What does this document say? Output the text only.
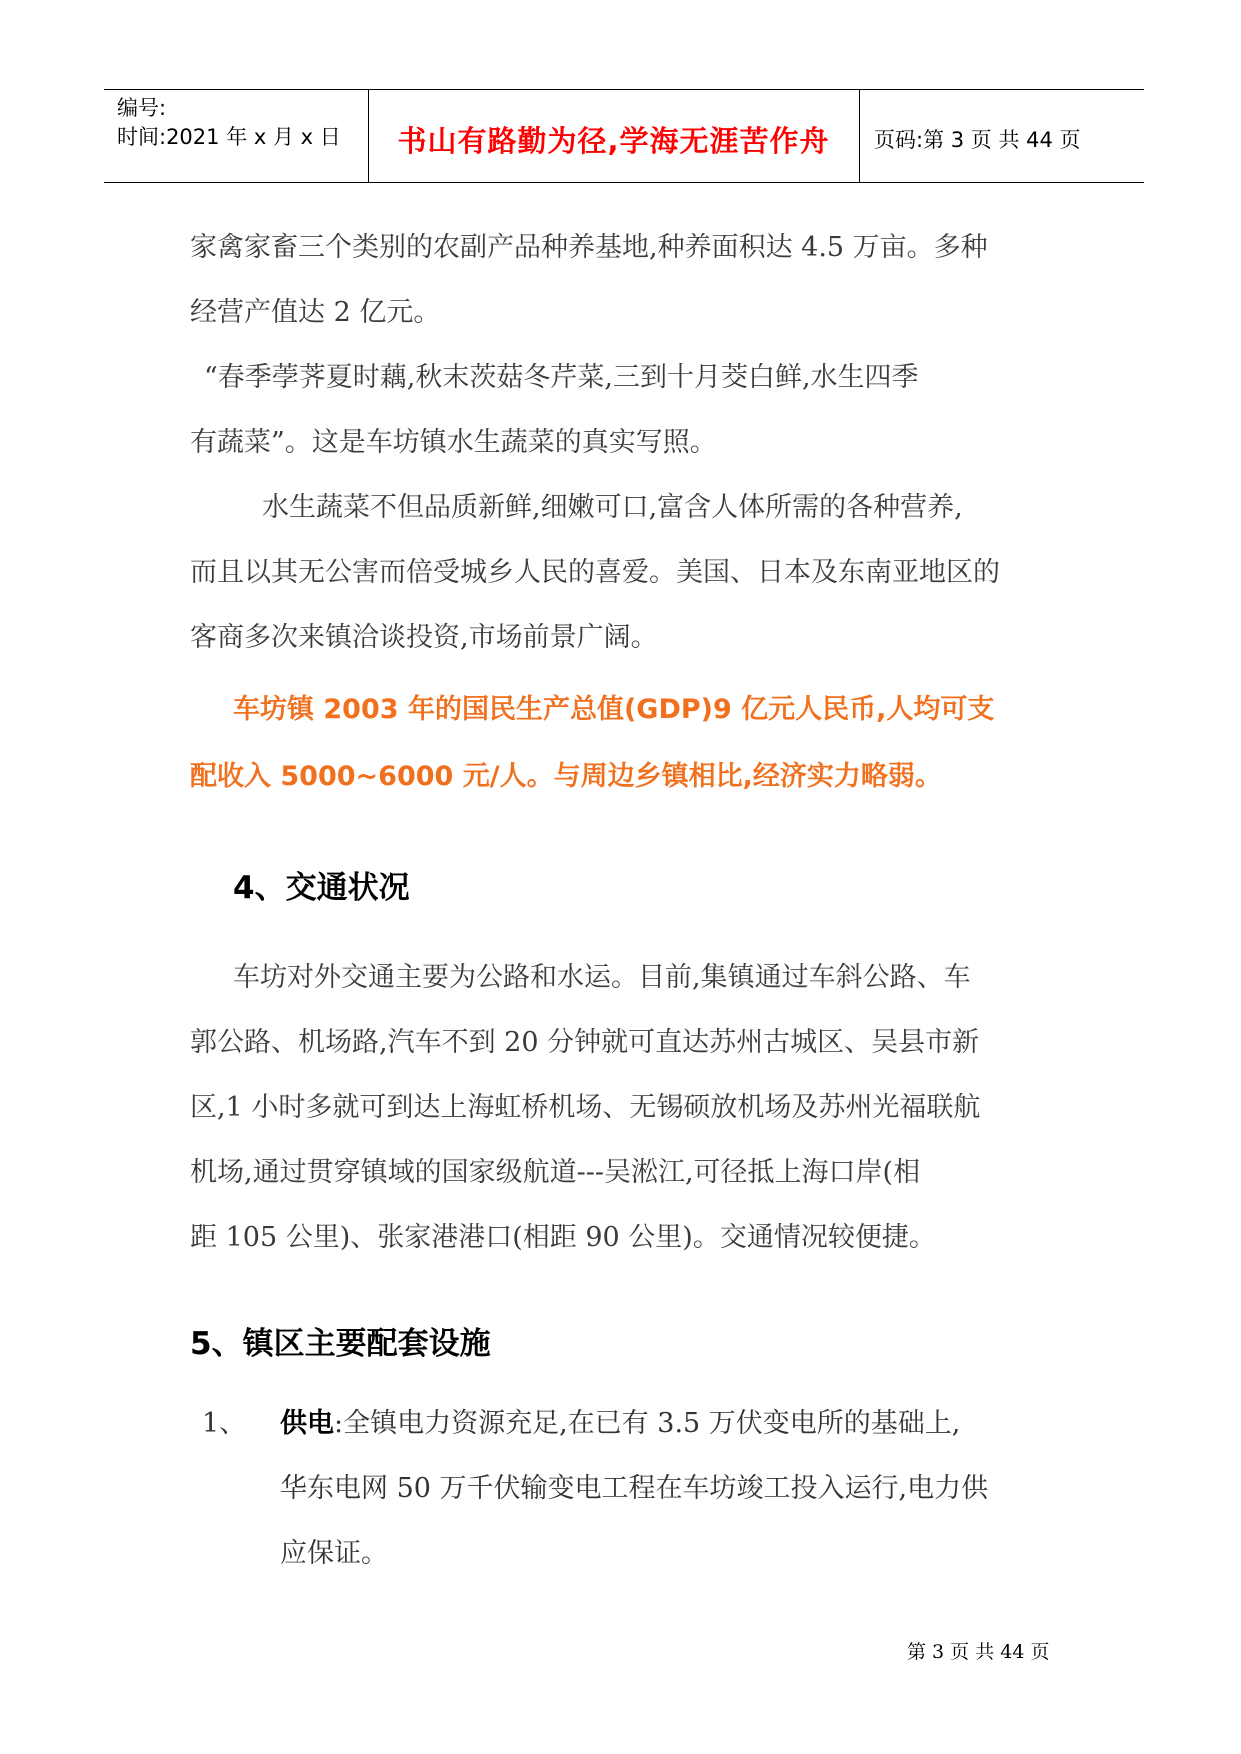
编号:
时间:2021 年 x 月 x 日	书山有路勤为径,学海无涯苦作舟	页码:第 3 页 共 44 页

家禽家畜三个类别的农副产品种养基地,种养面积达 4.5 万亩。多种

经营产值达 2 亿元。

“春季荸荠夏时藕,秋末茨菇冬芹菜,三到十月茭白鲜,水生四季

有蔬菜”。这是车坊镇水生蔬菜的真实写照。

水生蔬菜不但品质新鲜,细嫩可口,富含人体所需的各种营养,

而且以其无公害而倍受城乡人民的喜爱。美国、日本及东南亚地区的

客商多次来镇洽谈投资,市场前景广阔。

车坊镇 2003 年的国民生产总值(GDP)9 亿元人民币,人均可支

配收入 5000~6000 元/人。与周边乡镇相比,经济实力略弱。

4、交通状况

车坊对外交通主要为公路和水运。目前,集镇通过车斜公路、车

郭公路、机场路,汽车不到 20 分钟就可直达苏州古城区、吴县市新

区,1 小时多就可到达上海虹桥机场、无锡硕放机场及苏州光福联航

机场,通过贯穿镇域的国家级航道---吴淞江,可径抵上海口岸(相

距 105 公里)、张家港港口(相距 90 公里)。交通情况较便捷。

5、镇区主要配套设施
1、 供电:全镇电力资源充足,在已有 3.5 万伏变电所的基础上,
华东电网 50 万千伏输变电工程在车坊竣工投入运行,电力供
应保证。
第 3 页 共 44 页
